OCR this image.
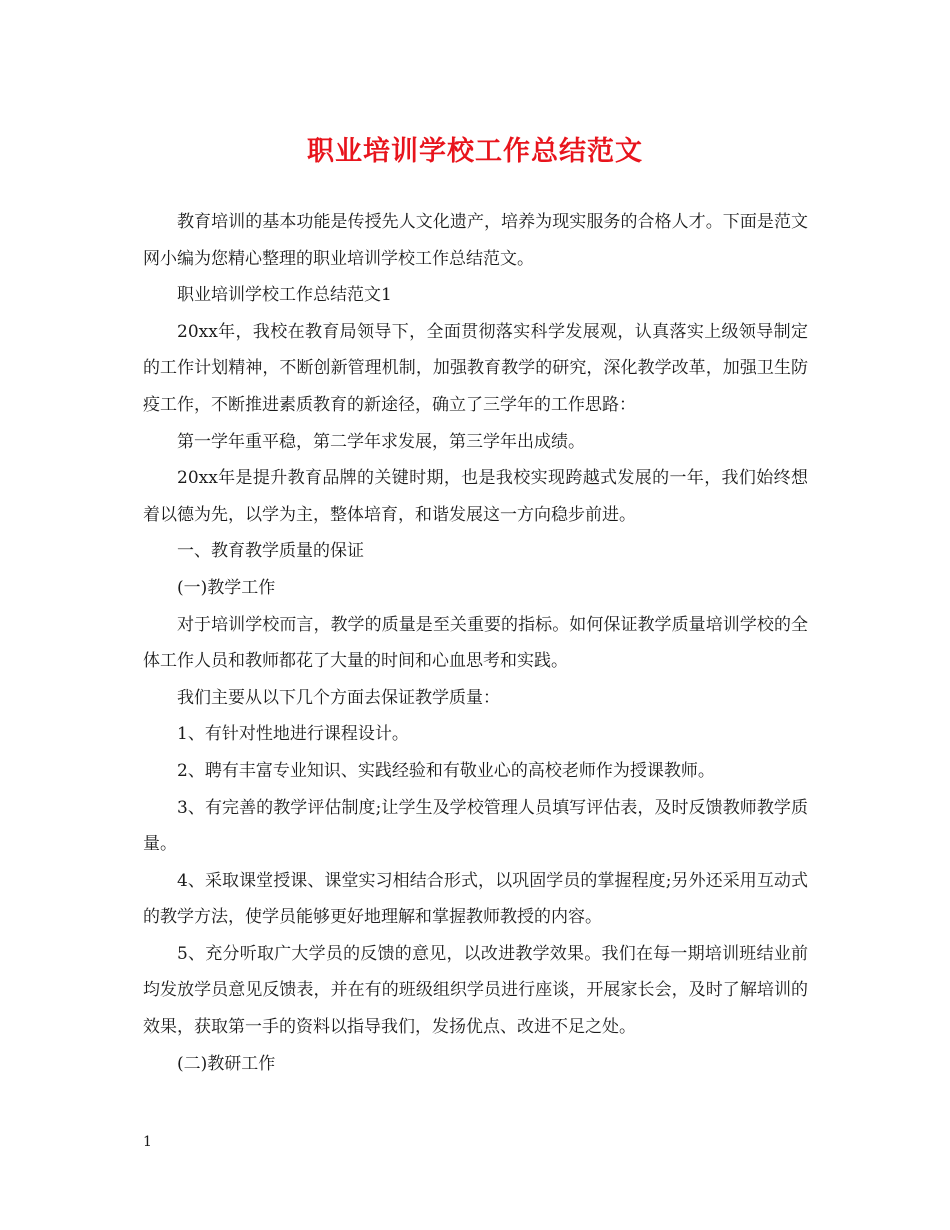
职业培训学校工作总结范文

教育培训的基本功能是传授先人文化遗产，培养为现实服务的合格人才。下面是范文网小编为您精心整理的职业培训学校工作总结范文。

职业培训学校工作总结范文1

20xx年，我校在教育局领导下，全面贯彻落实科学发展观，认真落实上级领导制定的工作计划精神，不断创新管理机制，加强教育教学的研究，深化教学改革，加强卫生防疫工作，不断推进素质教育的新途径，确立了三学年的工作思路：

第一学年重平稳，第二学年求发展，第三学年出成绩。

20xx年是提升教育品牌的关键时期，也是我校实现跨越式发展的一年，我们始终想着以德为先，以学为主，整体培育，和谐发展这一方向稳步前进。

一、教育教学质量的保证

(一)教学工作

对于培训学校而言，教学的质量是至关重要的指标。如何保证教学质量培训学校的全体工作人员和教师都花了大量的时间和心血思考和实践。

我们主要从以下几个方面去保证教学质量：

1、有针对性地进行课程设计。

2、聘有丰富专业知识、实践经验和有敬业心的高校老师作为授课教师。

3、有完善的教学评估制度;让学生及学校管理人员填写评估表，及时反馈教师教学质量。

4、采取课堂授课、课堂实习相结合形式，以巩固学员的掌握程度;另外还采用互动式的教学方法，使学员能够更好地理解和掌握教师教授的内容。

5、充分听取广大学员的反馈的意见，以改进教学效果。我们在每一期培训班结业前均发放学员意见反馈表，并在有的班级组织学员进行座谈，开展家长会，及时了解培训的效果，获取第一手的资料以指导我们，发扬优点、改进不足之处。

(二)教研工作

1
